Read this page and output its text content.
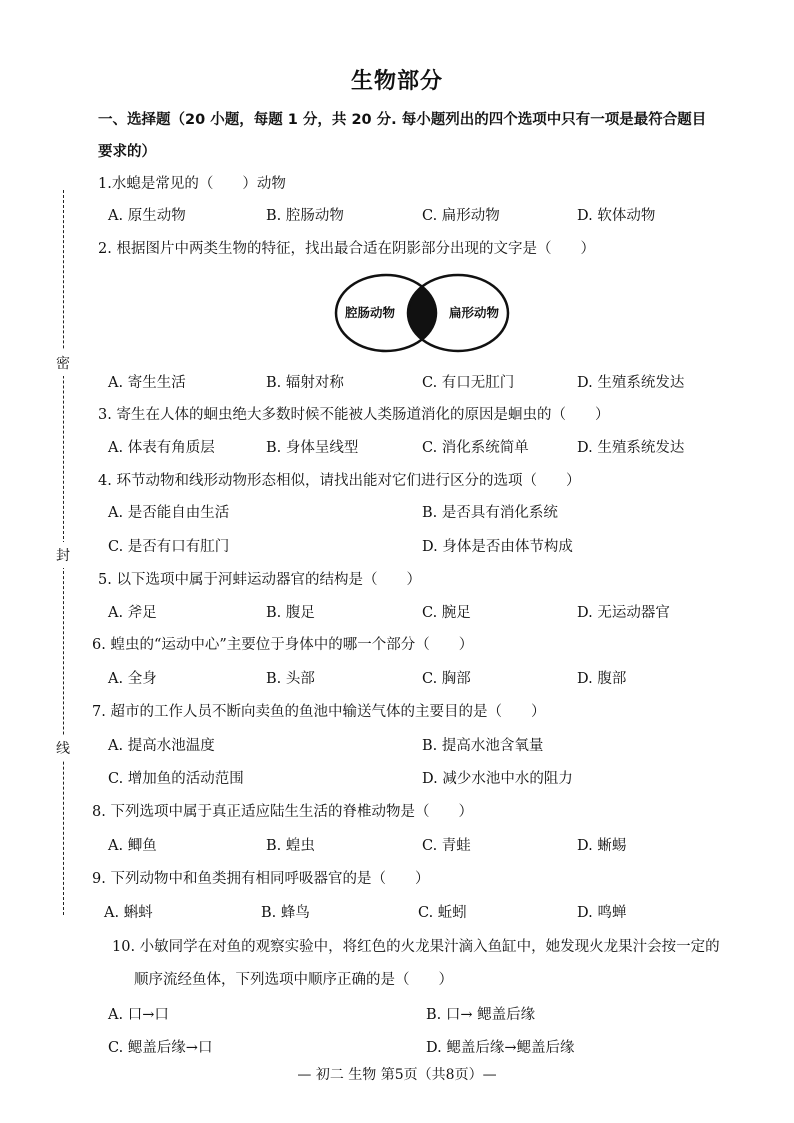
生物部分
一、选择题（20 小题，每题 1 分，共 20 分. 每小题列出的四个选项中只有一项是最符合题目
要求的）
密
封
线
1.水螅是常见的（　　）动物
A. 原生动物	B. 腔肠动物	C. 扁形动物	D. 软体动物
2. 根据图片中两类生物的特征，找出最合适在阴影部分出现的文字是（　　）
腔肠动物	扁形动物
A. 寄生生活	B. 辐射对称	C. 有口无肛门	D. 生殖系统发达
3. 寄生在人体的蛔虫绝大多数时候不能被人类肠道消化的原因是蛔虫的（　　）
A. 体表有角质层	B. 身体呈线型	C. 消化系统简单	D. 生殖系统发达
4. 环节动物和线形动物形态相似，请找出能对它们进行区分的选项（　　）
A. 是否能自由生活	B. 是否具有消化系统
C. 是否有口有肛门	D. 身体是否由体节构成
5. 以下选项中属于河蚌运动器官的结构是（　　）
A. 斧足	B. 腹足	C. 腕足	D. 无运动器官
6. 蝗虫的“运动中心”主要位于身体中的哪一个部分（　　）
A. 全身	B. 头部	C. 胸部	D. 腹部
7. 超市的工作人员不断向卖鱼的鱼池中输送气体的主要目的是（　　）
A. 提高水池温度	B. 提高水池含氧量
C. 增加鱼的活动范围	D. 减少水池中水的阻力
8. 下列选项中属于真正适应陆生生活的脊椎动物是（　　）
A. 鲫鱼	B. 蝗虫	C. 青蛙	D. 蜥蜴
9. 下列动物中和鱼类拥有相同呼吸器官的是（　　）
A. 蝌蚪	B. 蜂鸟	C. 蚯蚓	D. 鸣蝉
10. 小敏同学在对鱼的观察实验中，将红色的火龙果汁滴入鱼缸中，她发现火龙果汁会按一定的
顺序流经鱼体，下列选项中顺序正确的是（　　）
A. 口→口	B. 口→ 鳃盖后缘
C. 鳃盖后缘→口	D. 鳃盖后缘→鳃盖后缘
— 初二 生物 第5页（共8页）—
